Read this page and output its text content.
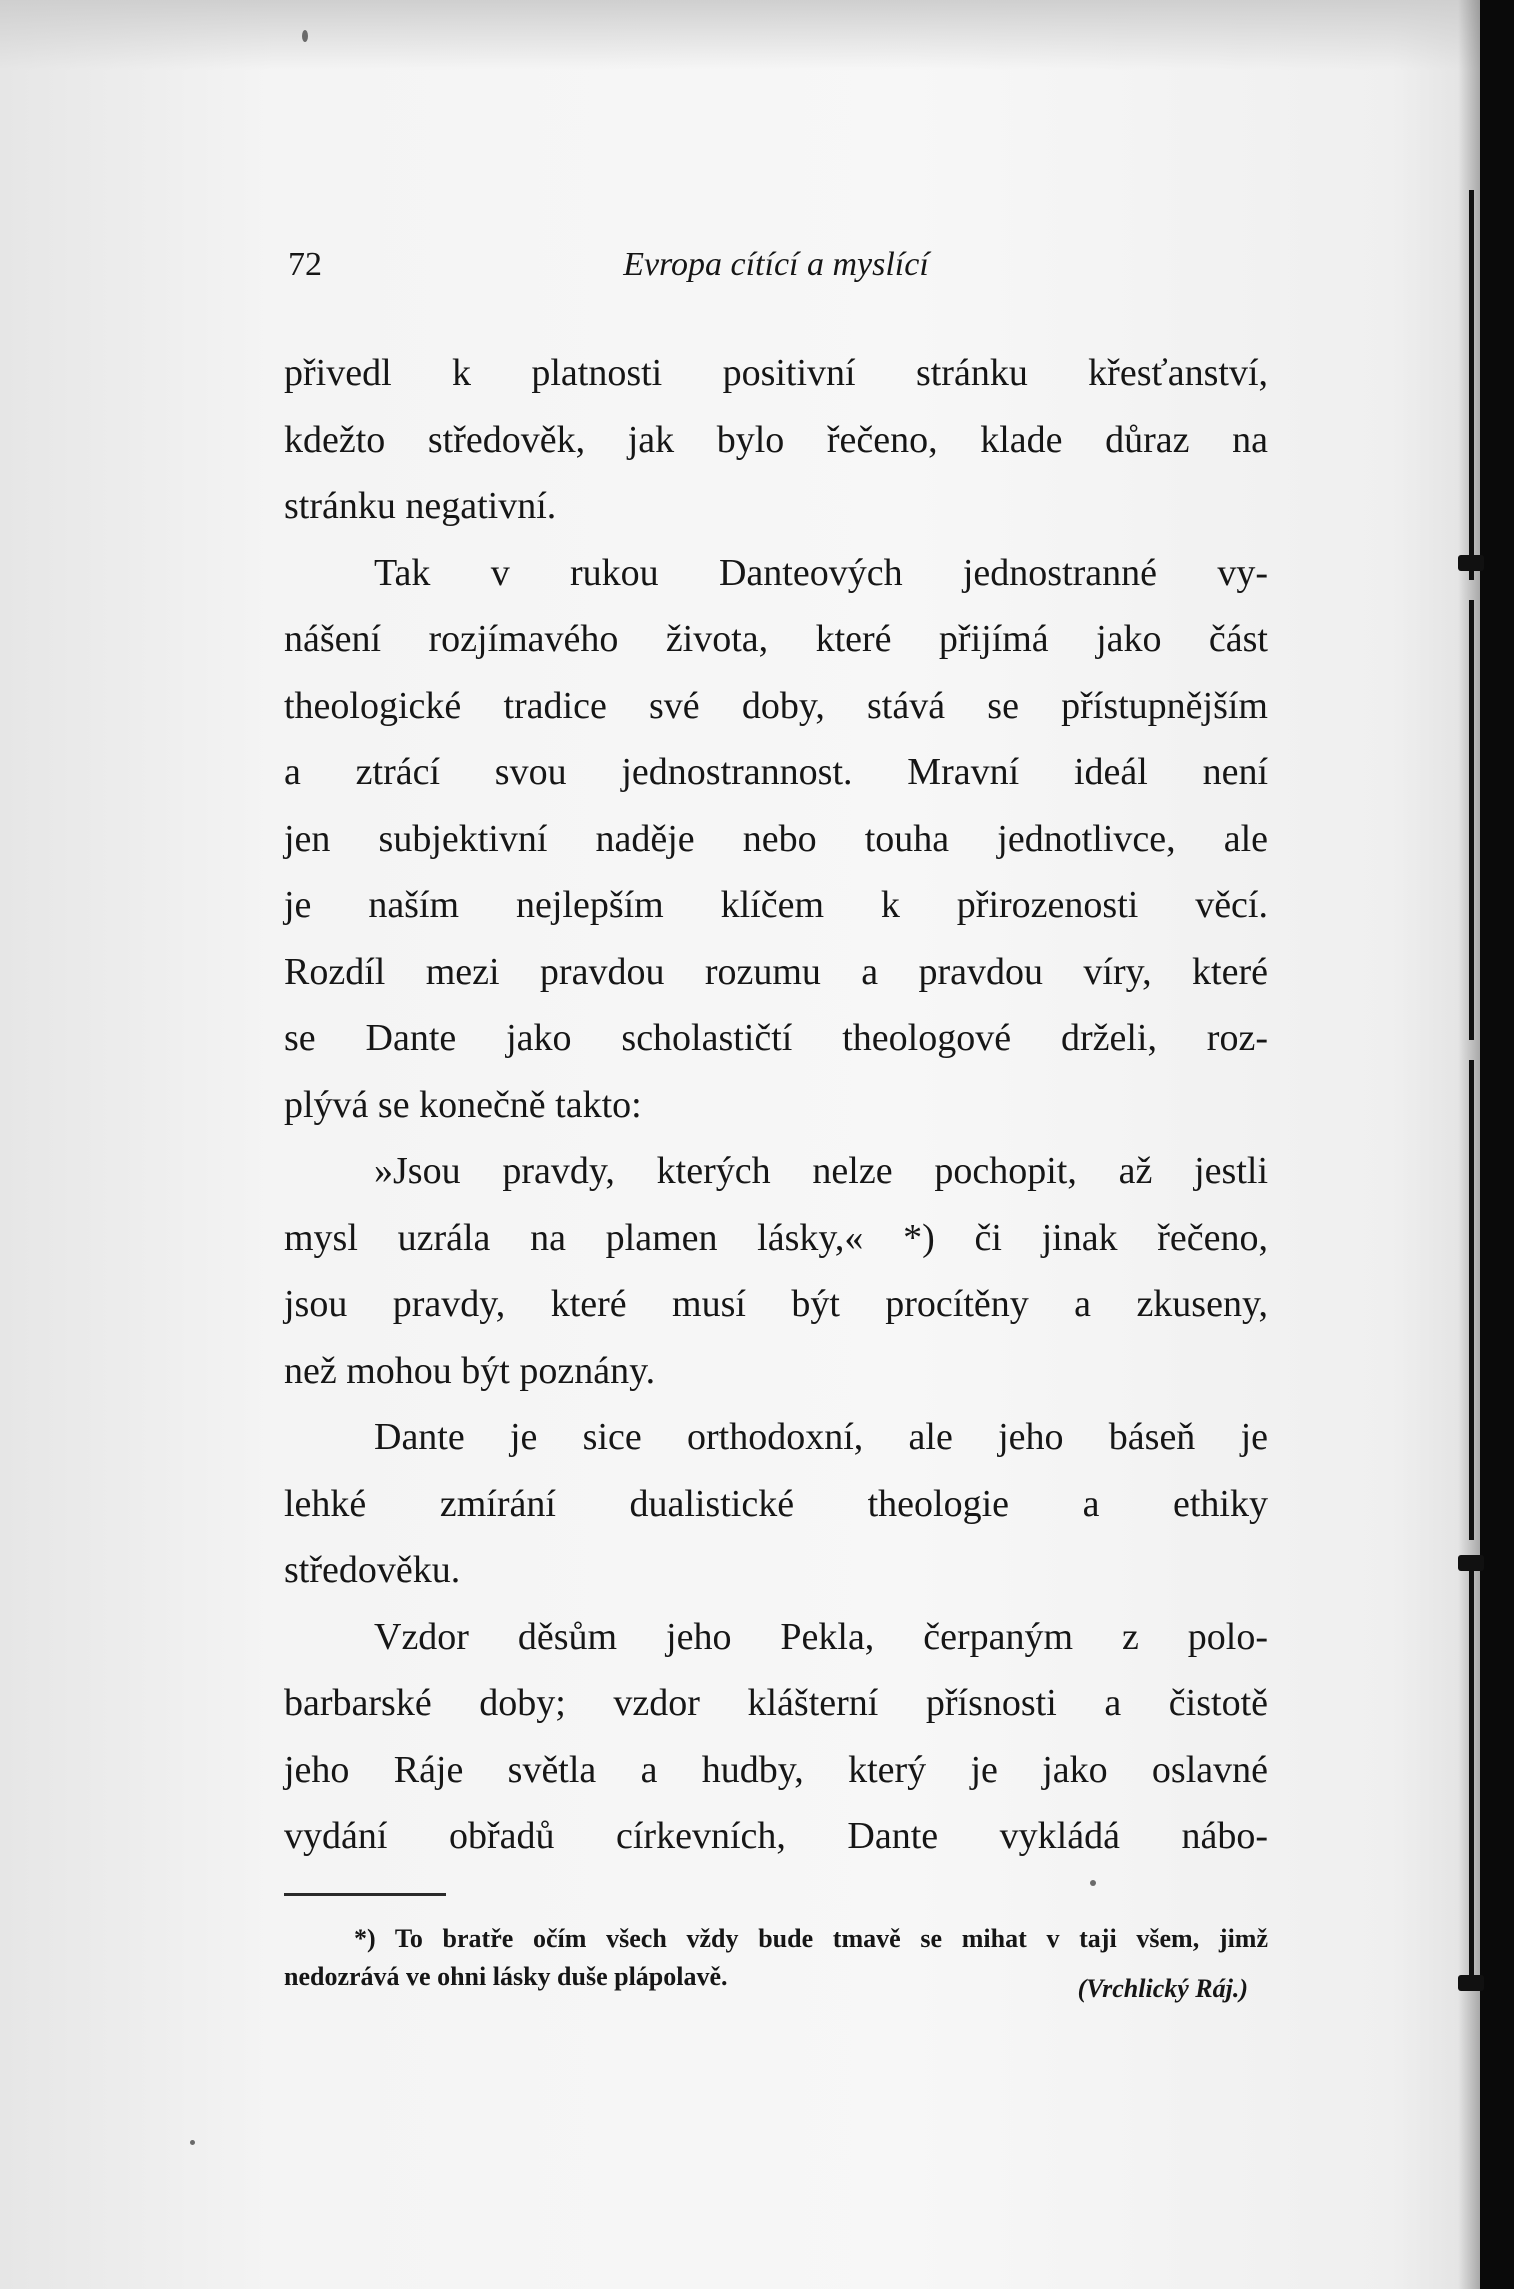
72	Evropa cítící a myslící
přivedl k platnosti positivní stránku křesťanství,
kdežto středověk, jak bylo řečeno, klade důraz na
stránku negativní.
Tak v rukou Danteových jednostranné vy-
nášení rozjímavého života, které přijímá jako část
theologické tradice své doby, stává se přístupnějším
a ztrácí svou jednostrannost. Mravní ideál není
jen subjektivní naděje nebo touha jednotlivce, ale
je naším nejlepším klíčem k přirozenosti věcí.
Rozdíl mezi pravdou rozumu a pravdou víry, které
se Dante jako scholastičtí theologové drželi, roz-
plývá se konečně takto:
»Jsou pravdy, kterých nelze pochopit, až jestli
mysl uzrála na plamen lásky,« *) či jinak řečeno,
jsou pravdy, které musí být procítěny a zkuseny,
než mohou být poznány.
Dante je sice orthodoxní, ale jeho báseň je
lehké zmírání dualistické theologie a ethiky
středověku.
Vzdor děsům jeho Pekla, čerpaným z polo-
barbarské doby; vzdor klášterní přísnosti a čistotě
jeho Ráje světla a hudby, který je jako oslavné
vydání obřadů církevních, Dante vykládá nábo-
*) To bratře očím všech vždy bude tmavě se mihat v taji všem, jimž
nedozrává ve ohni lásky duše plápolavě.	(Vrchlický Ráj.)
